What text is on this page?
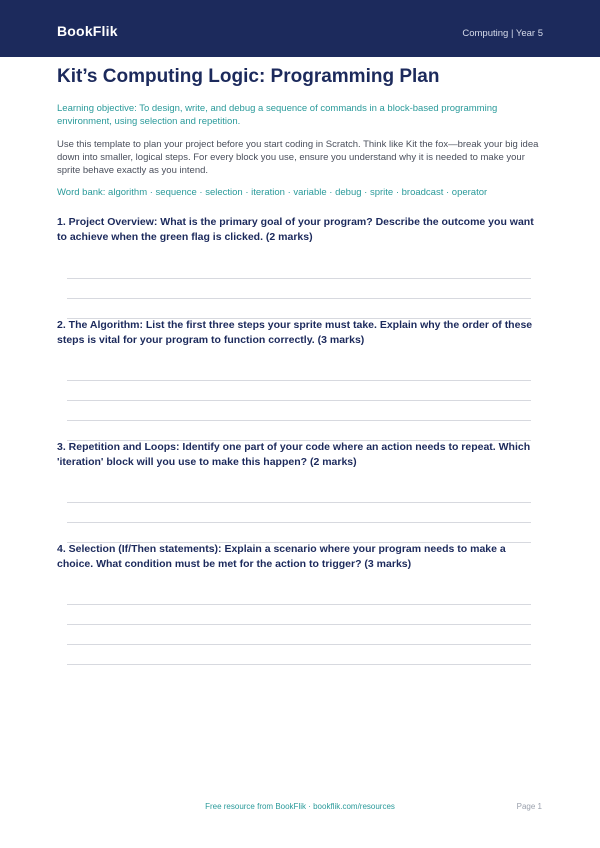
BookFlik	Computing | Year 5
Kit’s Computing Logic: Programming Plan

Learning objective: To design, write, and debug a sequence of commands in a block-based programming environment, using selection and repetition.

Use this template to plan your project before you start coding in Scratch. Think like Kit the fox—break your big idea down into smaller, logical steps. For every block you use, ensure you understand why it is needed to make your sprite behave exactly as you intend.

Word bank: algorithm · sequence · selection · iteration · variable · debug · sprite · broadcast · operator

1. Project Overview: What is the primary goal of your program? Describe the outcome you want to achieve when the green flag is clicked. (2 marks)
2. The Algorithm: List the first three steps your sprite must take. Explain why the order of these steps is vital for your program to function correctly. (3 marks)
3. Repetition and Loops: Identify one part of your code where an action needs to repeat. Which 'iteration' block will you use to make this happen? (2 marks)
4. Selection (If/Then statements): Explain a scenario where your program needs to make a choice. What condition must be met for the action to trigger? (3 marks)
Free resource from BookFlik · bookflik.com/resources	Page 1
